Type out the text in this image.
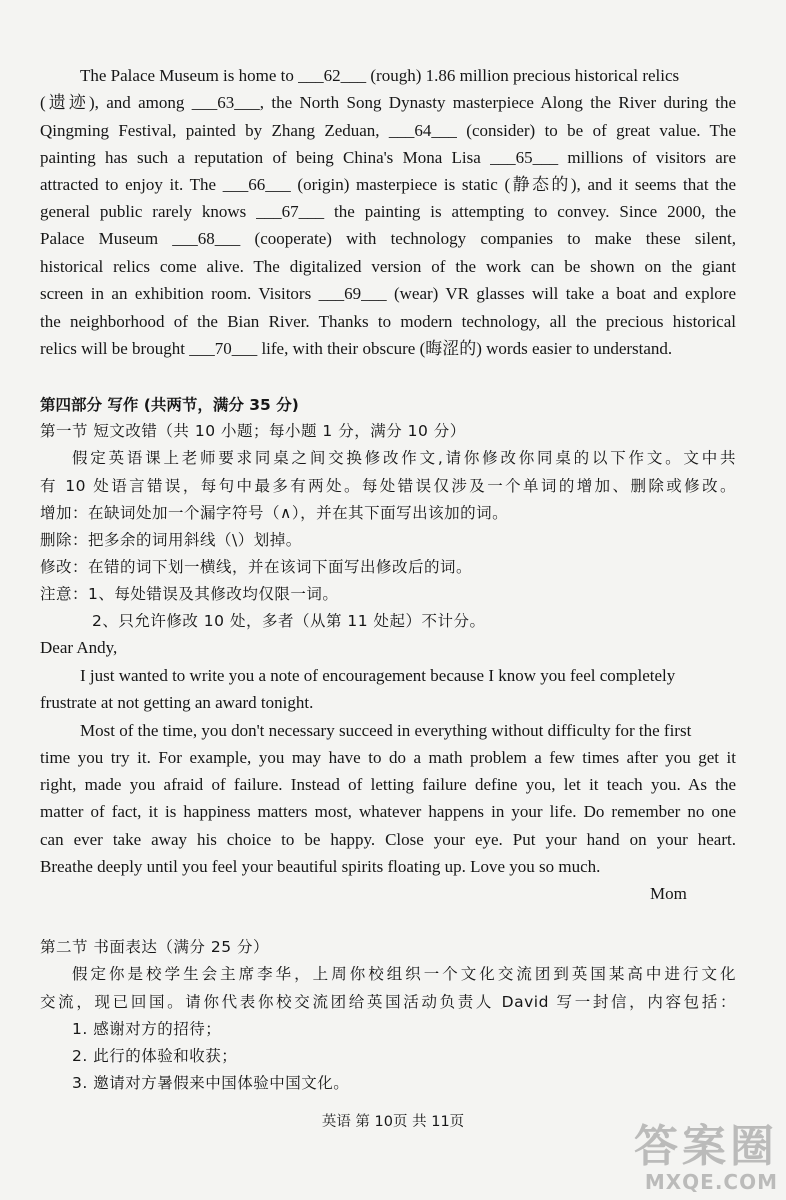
The Palace Museum is home to ___62___ (rough) 1.86 million precious historical relics
(遗迹), and among ___63___, the North Song Dynasty masterpiece Along the River during the
Qingming Festival, painted by Zhang Zeduan, ___64___ (consider) to be of great value. The
painting has such a reputation of being China's Mona Lisa ___65___ millions of visitors are
attracted to enjoy it. The ___66___ (origin) masterpiece is static (静态的), and it seems that the
general public rarely knows ___67___ the painting is attempting to convey. Since 2000, the
Palace Museum ___68___ (cooperate) with technology companies to make these silent,
historical relics come alive. The digitalized version of the work can be shown on the giant
screen in an exhibition room. Visitors ___69___ (wear) VR glasses will take a boat and explore
the neighborhood of the Bian River. Thanks to modern technology, all the precious historical
relics will be brought ___70___ life, with their obscure (晦涩的) words easier to understand.
第四部分 写作 (共两节，满分 35 分)
第一节 短文改错（共 10 小题；每小题 1 分，满分 10 分）
假定英语课上老师要求同桌之间交换修改作文,请你修改你同桌的以下作文。文中共
有 10 处语言错误，每句中最多有两处。每处错误仅涉及一个单词的增加、删除或修改。
增加：在缺词处加一个漏字符号（∧），并在其下面写出该加的词。
删除：把多余的词用斜线（\）划掉。
修改：在错的词下划一横线，并在该词下面写出修改后的词。
注意：1、每处错误及其修改均仅限一词。
2、只允许修改 10 处，多者（从第 11 处起）不计分。
Dear Andy,
I just wanted to write you a note of encouragement because I know you feel completely
frustrate at not getting an award tonight.
Most of the time, you don't necessary succeed in everything without difficulty for the first
time you try it. For example, you may have to do a math problem a few times after you get it
right, made you afraid of failure. Instead of letting failure define you, let it teach you. As the
matter of fact, it is happiness matters most, whatever happens in your life. Do remember no one
can ever take away his choice to be happy. Close your eye. Put your hand on your heart.
Breathe deeply until you feel your beautiful spirits floating up. Love you so much.
Mom
第二节 书面表达（满分 25 分）
假定你是校学生会主席李华，上周你校组织一个文化交流团到英国某高中进行文化
交流，现已回国。请你代表你校交流团给英国活动负责人 David 写一封信，内容包括：
1. 感谢对方的招待；
2. 此行的体验和收获；
3. 邀请对方暑假来中国体验中国文化。
英语 第 10页 共 11页	答案圈
MXQE.COM
